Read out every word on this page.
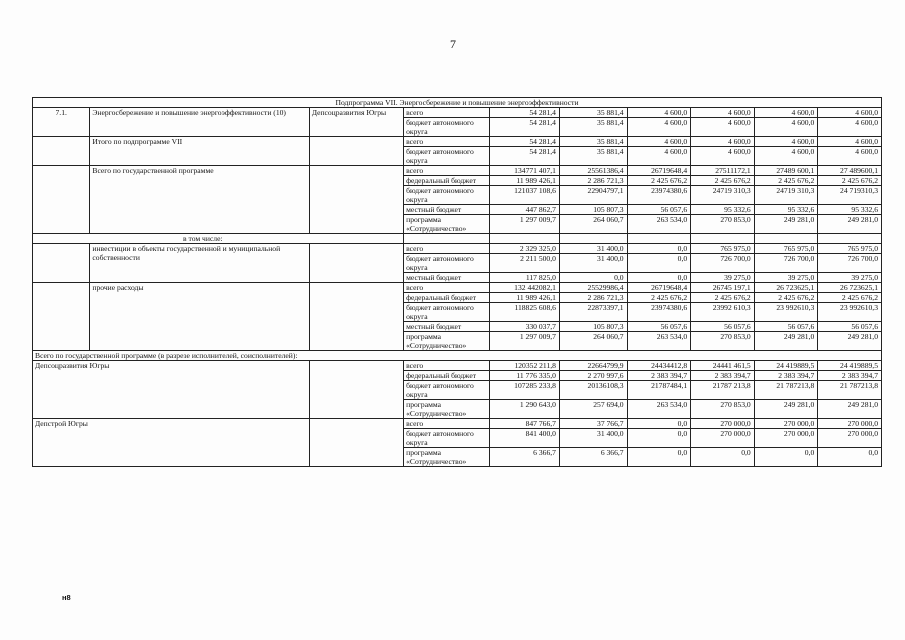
7
Подпрограмма VII. Энергосбережение и повышение энергоэффективности									
7.1.	Энергосбережение и повышение энергоэффективности (10)	Депсоцразвития Югры	всего	54 281,4	35 881,4	4 600,0	4 600,0	4 600,0	4 600,0
			бюджет автономного округа	54 281,4	35 881,4	4 600,0	4 600,0	4 600,0	4 600,0
	Итого по подпрограмме VII		всего	54 281,4	35 881,4	4 600,0	4 600,0	4 600,0	4 600,0
			бюджет автономного округа	54 281,4	35 881,4	4 600,0	4 600,0	4 600,0	4 600,0
	Всего по государственной программе		всего	134771 407,1	25561386,4	26719648,4	27511172,1	27489 600,1	27 489600,1
			федеральный бюджет	11 989 426,1	2 286 721,3	2 425 676,2	2 425 676,2	2 425 676,2	2 425 676,2
			бюджет автономного округа	121037 108,6	22904797,1	23974380,6	24719 310,3	24719 310,3	24 719310,3
			местный бюджет	447 862,7	105 807,3	56 057,6	95 332,6	95 332,6	95 332,6
			программа «Сотрудничество»	1 297 009,7	264 060,7	263 534,0	270 853,0	249 281,0	249 281,0
в том числе:									
	инвестиции в объекты государственной и муниципальной собственности		всего	2 329 325,0	31 400,0	0,0	765 975,0	765 975,0	765 975,0
			бюджет автономного округа	2 211 500,0	31 400,0	0,0	726 700,0	726 700,0	726 700,0
			местный бюджет	117 825,0	0,0	0,0	39 275,0	39 275,0	39 275,0
	прочие расходы		всего	132 442082,1	25529986,4	26719648,4	26745 197,1	26 723625,1	26 723625,1
			федеральный бюджет	11 989 426,1	2 286 721,3	2 425 676,2	2 425 676,2	2 425 676,2	2 425 676,2
			бюджет автономного округа	118825 608,6	22873397,1	23974380,6	23992 610,3	23 992610,3	23 992610,3
			местный бюджет	330 037,7	105 807,3	56 057,6	56 057,6	56 057,6	56 057,6
			программа «Сотрудничество»	1 297 009,7	264 060,7	263 534,0	270 853,0	249 281,0	249 281,0
Всего по государственной программе (в разрезе исполнителей, соисполнителей):									
Депсоцразвития Югры			всего	120352 211,8	22664799,9	24434412,8	24441 461,5	24 419889,5	24 419889,5
			федеральный бюджет	11 776 335,0	2 270 997,6	2 383 394,7	2 383 394,7	2 383 394,7	2 383 394,7
			бюджет автономного округа	107285 233,8	20136108,3	21787484,1	21787 213,8	21 787213,8	21 787213,8
			программа «Сотрудничество»	1 290 643,0	257 694,0	263 534,0	270 853,0	249 281,0	249 281,0
Депстрой Югры			всего	847 766,7	37 766,7	0,0	270 000,0	270 000,0	270 000,0
			бюджет автономного округа	841 400,0	31 400,0	0,0	270 000,0	270 000,0	270 000,0
			программа «Сотрудничество»	6 366,7	6 366,7	0,0	0,0	0,0	0,0
н8
